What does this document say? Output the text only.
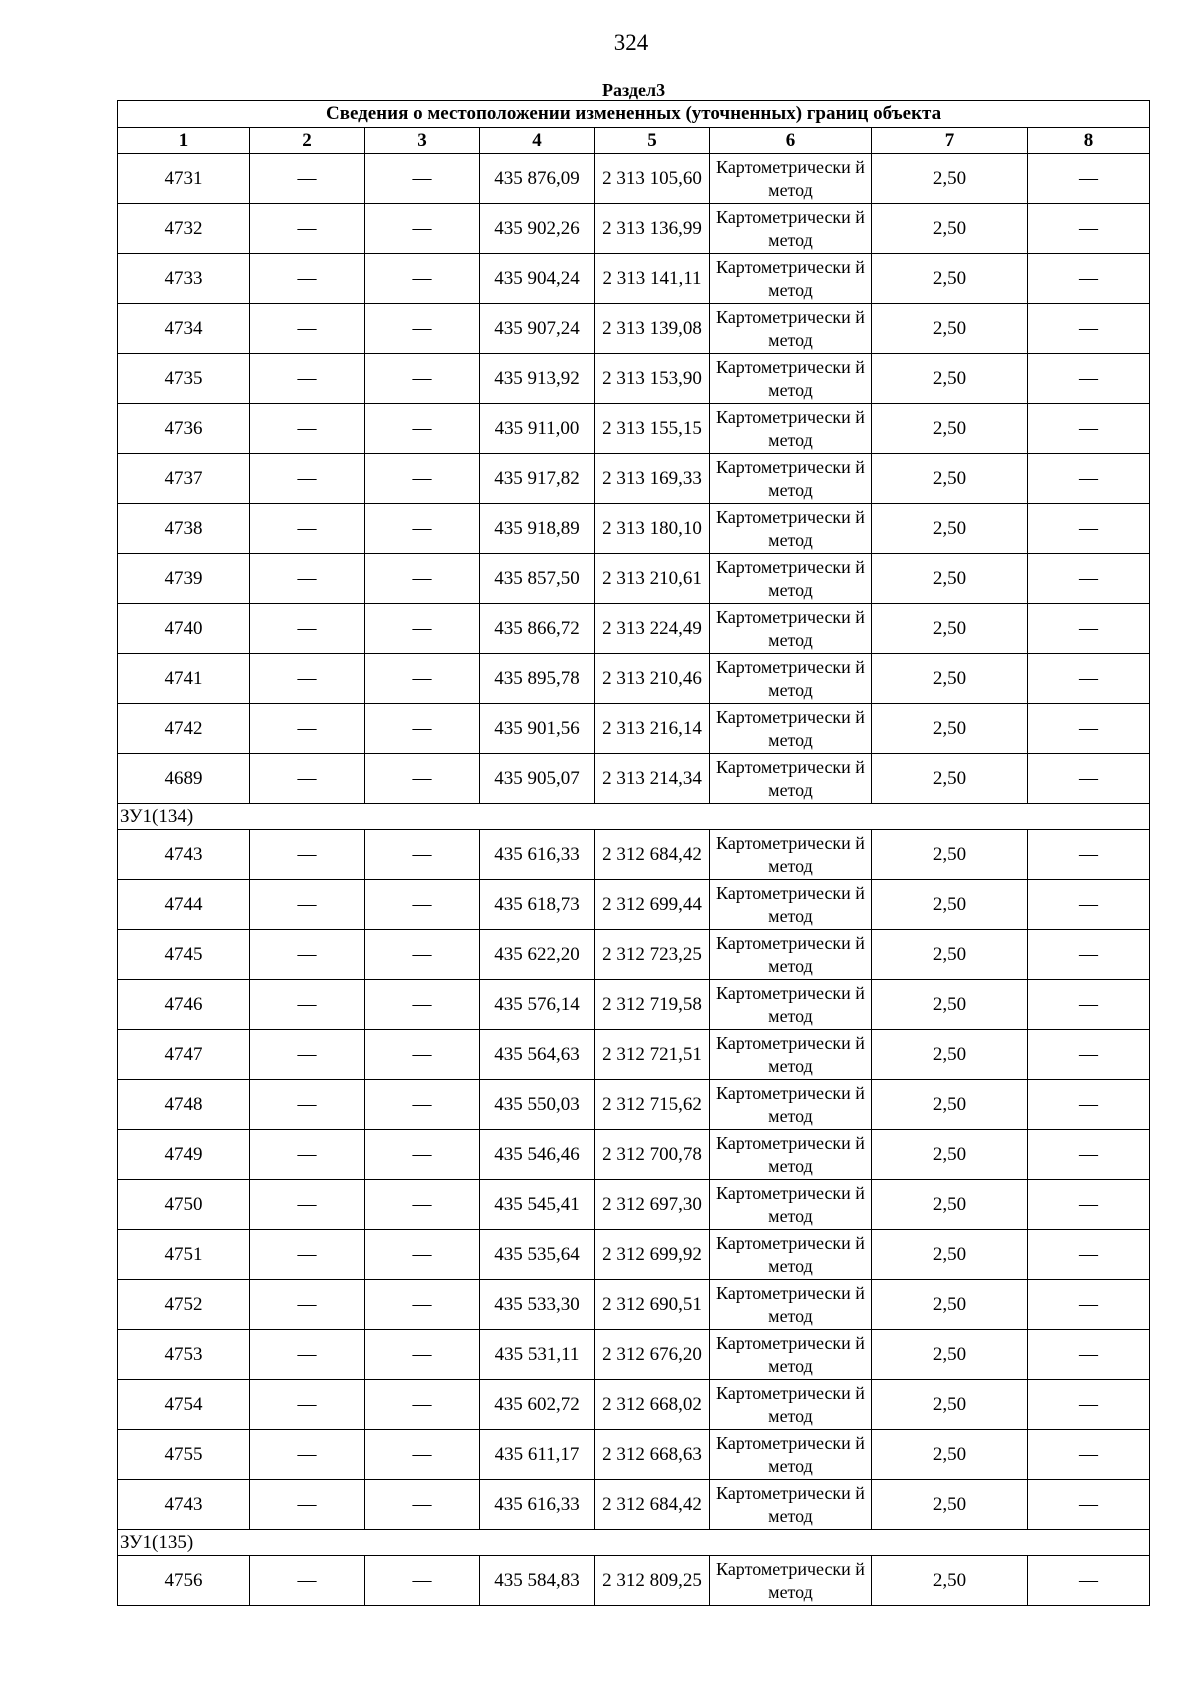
324
Раздел3							
Сведения о местоположении измененных (уточненных) границ объекта							
1	2	3	4	5	6	7	8
4731	—	—	435 876,09	2 313 105,60	Картометрически й метод	2,50	—
4732	—	—	435 902,26	2 313 136,99	Картометрически й метод	2,50	—
4733	—	—	435 904,24	2 313 141,11	Картометрически й метод	2,50	—
4734	—	—	435 907,24	2 313 139,08	Картометрически й метод	2,50	—
4735	—	—	435 913,92	2 313 153,90	Картометрически й метод	2,50	—
4736	—	—	435 911,00	2 313 155,15	Картометрически й метод	2,50	—
4737	—	—	435 917,82	2 313 169,33	Картометрически й метод	2,50	—
4738	—	—	435 918,89	2 313 180,10	Картометрически й метод	2,50	—
4739	—	—	435 857,50	2 313 210,61	Картометрически й метод	2,50	—
4740	—	—	435 866,72	2 313 224,49	Картометрически й метод	2,50	—
4741	—	—	435 895,78	2 313 210,46	Картометрически й метод	2,50	—
4742	—	—	435 901,56	2 313 216,14	Картометрически й метод	2,50	—
4689	—	—	435 905,07	2 313 214,34	Картометрически й метод	2,50	—
ЗУ1(134)							
4743	—	—	435 616,33	2 312 684,42	Картометрически й метод	2,50	—
4744	—	—	435 618,73	2 312 699,44	Картометрически й метод	2,50	—
4745	—	—	435 622,20	2 312 723,25	Картометрически й метод	2,50	—
4746	—	—	435 576,14	2 312 719,58	Картометрически й метод	2,50	—
4747	—	—	435 564,63	2 312 721,51	Картометрически й метод	2,50	—
4748	—	—	435 550,03	2 312 715,62	Картометрически й метод	2,50	—
4749	—	—	435 546,46	2 312 700,78	Картометрически й метод	2,50	—
4750	—	—	435 545,41	2 312 697,30	Картометрически й метод	2,50	—
4751	—	—	435 535,64	2 312 699,92	Картометрически й метод	2,50	—
4752	—	—	435 533,30	2 312 690,51	Картометрически й метод	2,50	—
4753	—	—	435 531,11	2 312 676,20	Картометрически й метод	2,50	—
4754	—	—	435 602,72	2 312 668,02	Картометрически й метод	2,50	—
4755	—	—	435 611,17	2 312 668,63	Картометрически й метод	2,50	—
4743	—	—	435 616,33	2 312 684,42	Картометрически й метод	2,50	—
ЗУ1(135)							
4756	—	—	435 584,83	2 312 809,25	Картометрически й метод	2,50	—
